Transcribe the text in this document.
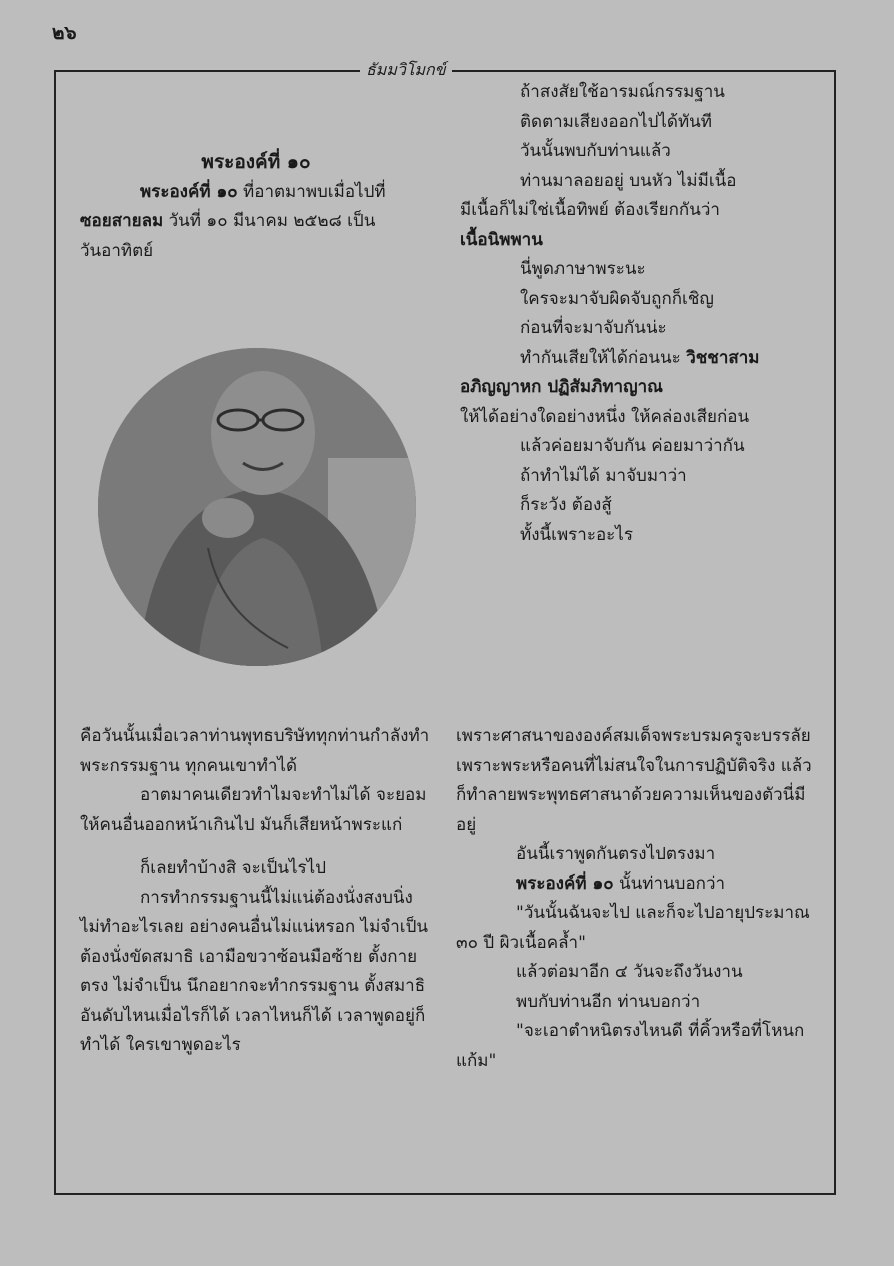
๒๖
ธัมมวิโมกข์

พระองค์ที่ ๑๐

พระองค์ที่ ๑๐ ที่อาตมาพบเมื่อไปที่

ซอยสายลม วันที่ ๑๐ มีนาคม ๒๕๒๘ เป็น

วันอาทิตย์

ถ้าสงสัยใช้อารมณ์กรรมฐาน

ติดตามเสียงออกไปได้ทันที

วันนั้นพบกับท่านแล้ว

ท่านมาลอยอยู่ บนหัว ไม่มีเนื้อ

มีเนื้อก็ไม่ใช่เนื้อทิพย์ ต้องเรียกกันว่า

เนื้อนิพพาน

นี่พูดภาษาพระนะ

ใครจะมาจับผิดจับถูกก็เชิญ

ก่อนที่จะมาจับกันน่ะ

ทำกันเสียให้ได้ก่อนนะ วิชชาสาม

อภิญญาหก ปฏิสัมภิทาญาณ

ให้ได้อย่างใดอย่างหนึ่ง ให้คล่องเสียก่อน

แล้วค่อยมาจับกัน ค่อยมาว่ากัน

ถ้าทำไม่ได้ มาจับมาว่า

ก็ระวัง ต้องสู้

ทั้งนี้เพราะอะไร

คือวันนั้นเมื่อเวลาท่านพุทธบริษัททุกท่านกำลังทำพระกรรมฐาน ทุกคนเขาทำได้

อาตมาคนเดียวทำไมจะทำไม่ได้ จะยอมให้คนอื่นออกหน้าเกินไป มันก็เสียหน้าพระแก่

ก็เลยทำบ้างสิ จะเป็นไรไป

การทำกรรมฐานนี้ไม่แน่ต้องนั่งสงบนิ่งไม่ทำอะไรเลย อย่างคนอื่นไม่แน่หรอก ไม่จำเป็นต้องนั่งขัดสมาธิ เอามือขวาซ้อนมือซ้าย ตั้งกายตรง ไม่จำเป็น นึกอยากจะทำกรรมฐาน ตั้งสมาธิอันดับไหนเมื่อไรก็ได้ เวลาไหนก็ได้ เวลาพูดอยู่ก็ทำได้ ใครเขาพูดอะไร

เพราะศาสนาขององค์สมเด็จพระบรมครูจะบรรลัยเพราะพระหรือคนที่ไม่สนใจในการปฏิบัติจริง แล้วก็ทำลายพระพุทธศาสนาด้วยความเห็นของตัวนี่มีอยู่

อันนี้เราพูดกันตรงไปตรงมา

พระองค์ที่ ๑๐ นั้นท่านบอกว่า

"วันนั้นฉันจะไป และก็จะไปอายุประมาณ ๓๐ ปี ผิวเนื้อคล้ำ"

แล้วต่อมาอีก ๔ วันจะถึงวันงาน

พบกับท่านอีก ท่านบอกว่า

"จะเอาตำหนิตรงไหนดี ที่คิ้วหรือที่โหนกแก้ม"
